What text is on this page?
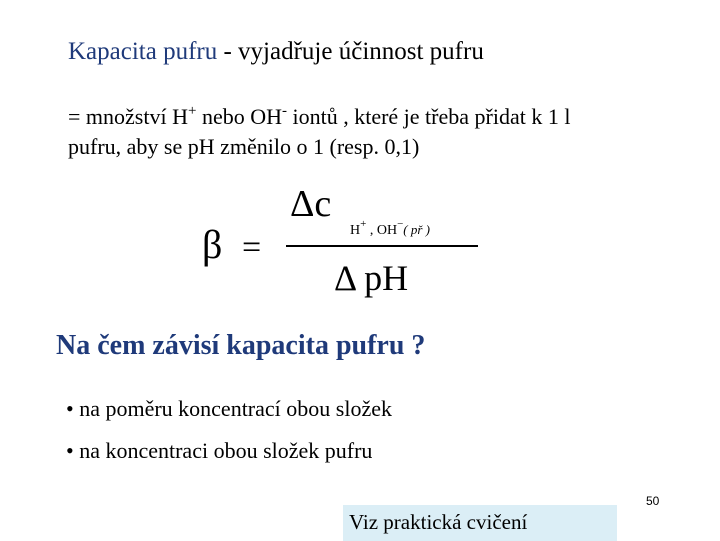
Kapacita pufru - vyjadřuje účinnost pufru
= množství H+ nebo OH- iontů , které je třeba přidat k 1 l
pufru, aby se pH změnilo o 1 (resp. 0,1)
β =
Δc
H+ , OH−( př )
Δ pH
Na čem závisí kapacita pufru ?
• na poměru koncentrací obou složek
• na koncentraci obou složek pufru
50
Viz praktická cvičení
